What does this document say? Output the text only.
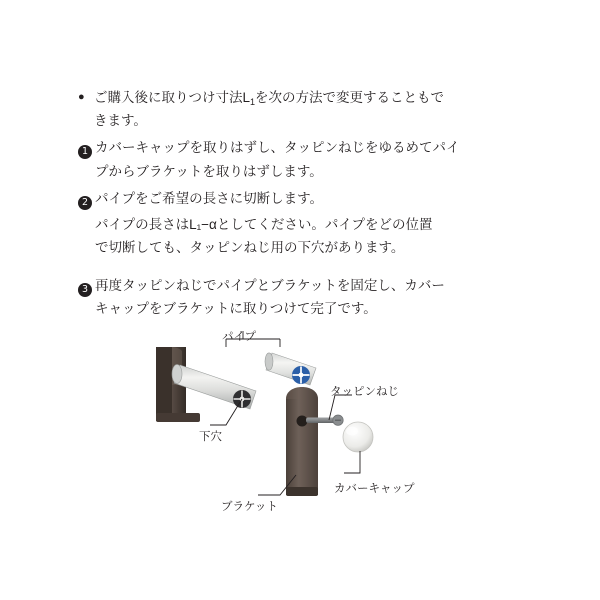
● ご購入後に取りつけ寸法$L_1$を次の方法で変更することもで
きます。
1 カバーキャップを取りはずし、タッピンねじをゆるめてパイ
プからブラケットを取りはずします。
2 パイプをご希望の長さに切断します。
パイプの長さはL₁−αとしてください。パイプをどの位置
で切断しても、タッピンねじ用の下穴があります。
3 再度タッピンねじでパイプとブラケットを固定し、カバー
キャップをブラケットに取りつけて完了です。
パイプ
下穴
タッピンねじ
カバーキャップ
ブラケット
